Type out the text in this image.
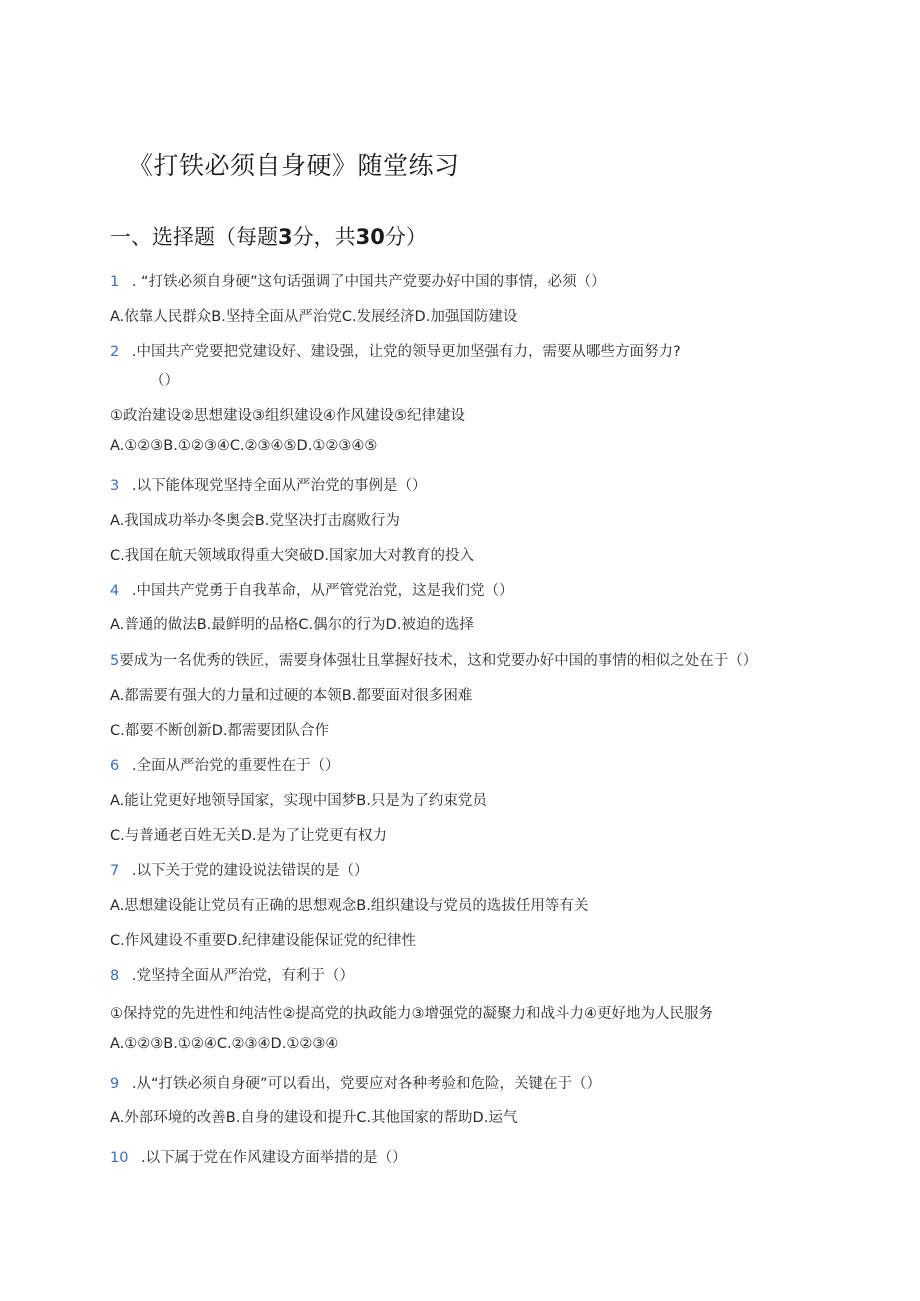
《打铁必须自身硬》随堂练习
一、选择题（每题3分，共30分）
1 . “打铁必须自身硬”这句话强调了中国共产党要办好中国的事情，必须（）
A.依靠人民群众B.坚持全面从严治党C.发展经济D.加强国防建设
2 .中国共产党要把党建设好、建设强，让党的领导更加坚强有力，需要从哪些方面努力?
（）
①政治建设②思想建设③组织建设④作风建设⑤纪律建设
A.①②③B.①②③④C.②③④⑤D.①②③④⑤
3 .以下能体现党坚持全面从严治党的事例是（）
A.我国成功举办冬奥会B.党坚决打击腐败行为
C.我国在航天领域取得重大突破D.国家加大对教育的投入
4 .中国共产党勇于自我革命，从严管党治党，这是我们党（）
A.普通的做法B.最鲜明的品格C.偶尔的行为D.被迫的选择
5要成为一名优秀的铁匠，需要身体强壮且掌握好技术，这和党要办好中国的事情的相似之处在于（）
A.都需要有强大的力量和过硬的本领B.都要面对很多困难
C.都要不断创新D.都需要团队合作
6 .全面从严治党的重要性在于（）
A.能让党更好地领导国家，实现中国梦B.只是为了约束党员
C.与普通老百姓无关D.是为了让党更有权力
7 .以下关于党的建设说法错误的是（）
A.思想建设能让党员有正确的思想观念B.组织建设与党员的选拔任用等有关
C.作风建设不重要D.纪律建设能保证党的纪律性
8 .党坚持全面从严治党，有利于（）
①保持党的先进性和纯洁性②提高党的执政能力③增强党的凝聚力和战斗力④更好地为人民服务
A.①②③B.①②④C.②③④D.①②③④
9 .从“打铁必须自身硬”可以看出，党要应对各种考验和危险，关键在于（）
A.外部环境的改善B.自身的建设和提升C.其他国家的帮助D.运气
10 .以下属于党在作风建设方面举措的是（）
